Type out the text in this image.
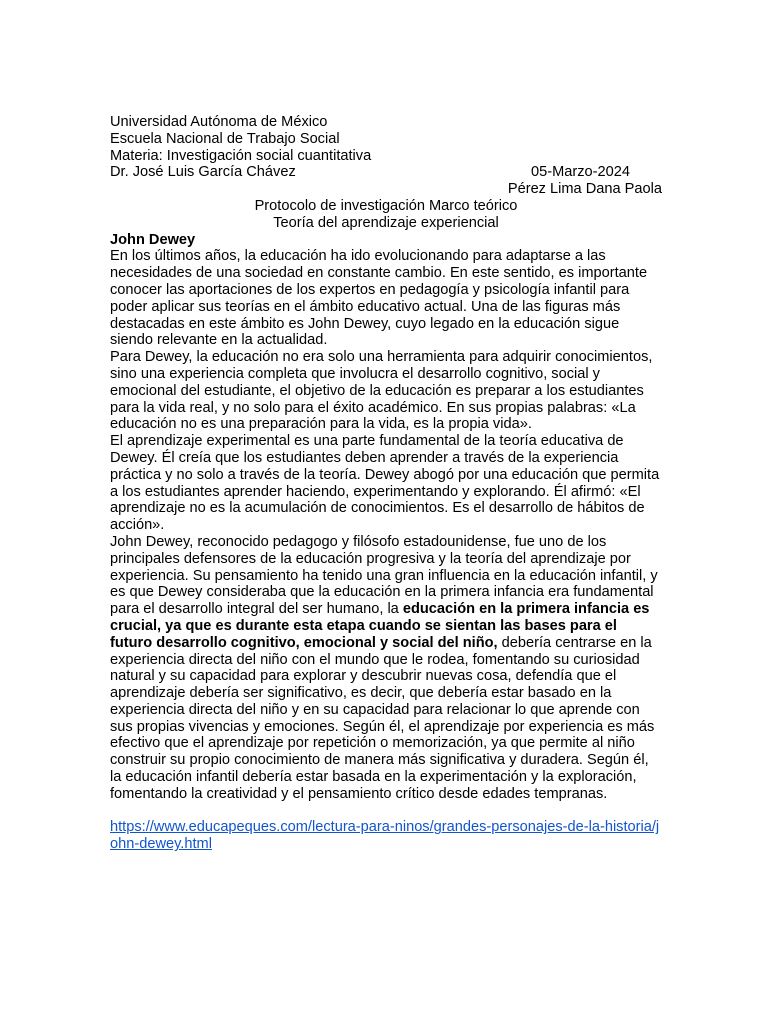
Universidad Autónoma de México
Escuela Nacional de Trabajo Social
Materia: Investigación social cuantitativa
Dr. José Luis García Chávez	05-Marzo-2024
Pérez Lima Dana Paola
Protocolo de investigación Marco teórico
Teoría del aprendizaje experiencial
John Dewey

En los últimos años, la educación ha ido evolucionando para adaptarse a las necesidades de una sociedad en constante cambio. En este sentido, es importante conocer las aportaciones de los expertos en pedagogía y psicología infantil para poder aplicar sus teorías en el ámbito educativo actual. Una de las figuras más destacadas en este ámbito es John Dewey, cuyo legado en la educación sigue siendo relevante en la actualidad.

Para Dewey, la educación no era solo una herramienta para adquirir conocimientos, sino una experiencia completa que involucra el desarrollo cognitivo, social y emocional del estudiante, el objetivo de la educación es preparar a los estudiantes para la vida real, y no solo para el éxito académico. En sus propias palabras: «La educación no es una preparación para la vida, es la propia vida».

El aprendizaje experimental es una parte fundamental de la teoría educativa de Dewey. Él creía que los estudiantes deben aprender a través de la experiencia práctica y no solo a través de la teoría. Dewey abogó por una educación que permita a los estudiantes aprender haciendo, experimentando y explorando. Él afirmó: «El aprendizaje no es la acumulación de conocimientos. Es el desarrollo de hábitos de acción».

John Dewey, reconocido pedagogo y filósofo estadounidense, fue uno de los principales defensores de la educación progresiva y la teoría del aprendizaje por experiencia. Su pensamiento ha tenido una gran influencia en la educación infantil, y es que Dewey consideraba que la educación en la primera infancia era fundamental para el desarrollo integral del ser humano, la educación en la primera infancia es crucial, ya que es durante esta etapa cuando se sientan las bases para el futuro desarrollo cognitivo, emocional y social del niño, debería centrarse en la experiencia directa del niño con el mundo que le rodea, fomentando su curiosidad natural y su capacidad para explorar y descubrir nuevas cosa, defendía que el aprendizaje debería ser significativo, es decir, que debería estar basado en la experiencia directa del niño y en su capacidad para relacionar lo que aprende con sus propias vivencias y emociones. Según él, el aprendizaje por experiencia es más efectivo que el aprendizaje por repetición o memorización, ya que permite al niño construir su propio conocimiento de manera más significativa y duradera. Según él, la educación infantil debería estar basada en la experimentación y la exploración, fomentando la creatividad y el pensamiento crítico desde edades tempranas.

https://www.educapeques.com/lectura-para-ninos/grandes-personajes-de-la-historia/john-dewey.html
